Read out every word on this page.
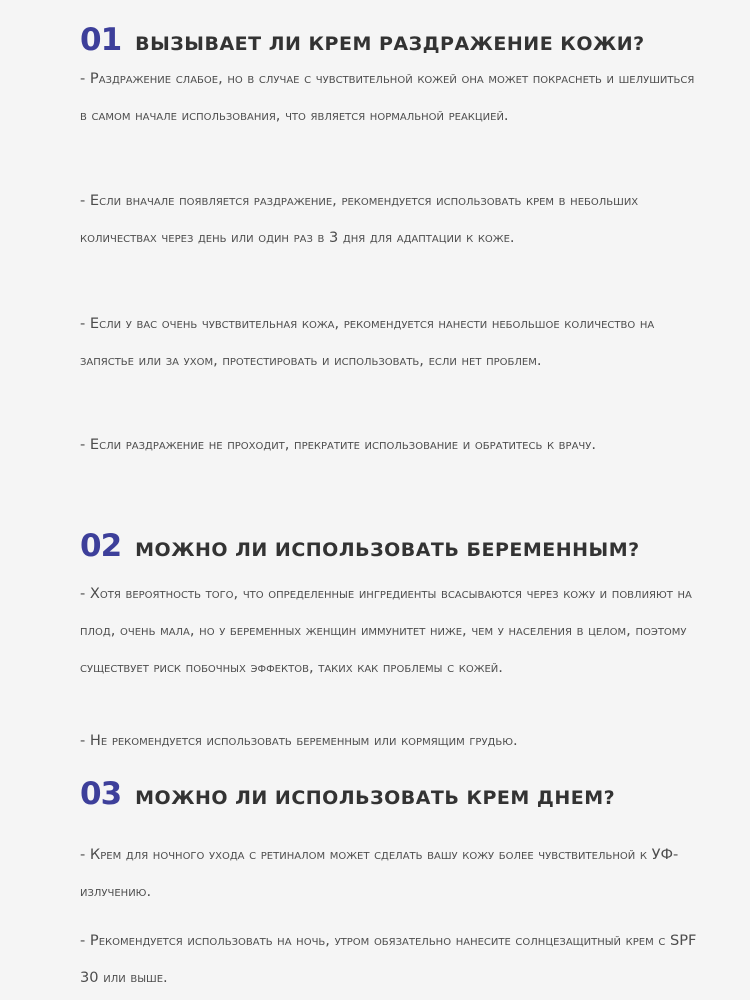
01 ВЫЗЫВАЕТ ЛИ КРЕМ РАЗДРАЖЕНИЕ КОЖИ?

- Раздражение слабое, но в случае с чувствительной кожей она может покраснеть и шелушиться в самом начале использования, что является нормальной реакцией.

- Если вначале появляется раздражение, рекомендуется использовать крем в небольших количествах через день или один раз в 3 дня для адаптации к коже.

- Если у вас очень чувствительная кожа, рекомендуется нанести небольшое количество на запястье или за ухом, протестировать и использовать, если нет проблем.

- Если раздражение не проходит, прекратите использование и обратитесь к врачу.

02 МОЖНО ЛИ ИСПОЛЬЗОВАТЬ БЕРЕМЕННЫМ?

- Хотя вероятность того, что определенные ингредиенты всасываются через кожу и повлияют на плод, очень мала, но у беременных женщин иммунитет ниже, чем у населения в целом, поэтому существует риск побочных эффектов, таких как проблемы с кожей.

- Не рекомендуется использовать беременным или кормящим грудью.

03 МОЖНО ЛИ ИСПОЛЬЗОВАТЬ КРЕМ ДНЕМ?

- Крем для ночного ухода с ретиналом может сделать вашу кожу более чувствительной к УФ-излучению.

- Рекомендуется использовать на ночь, утром обязательно нанесите солнцезащитный крем с SPF 30 или выше.
